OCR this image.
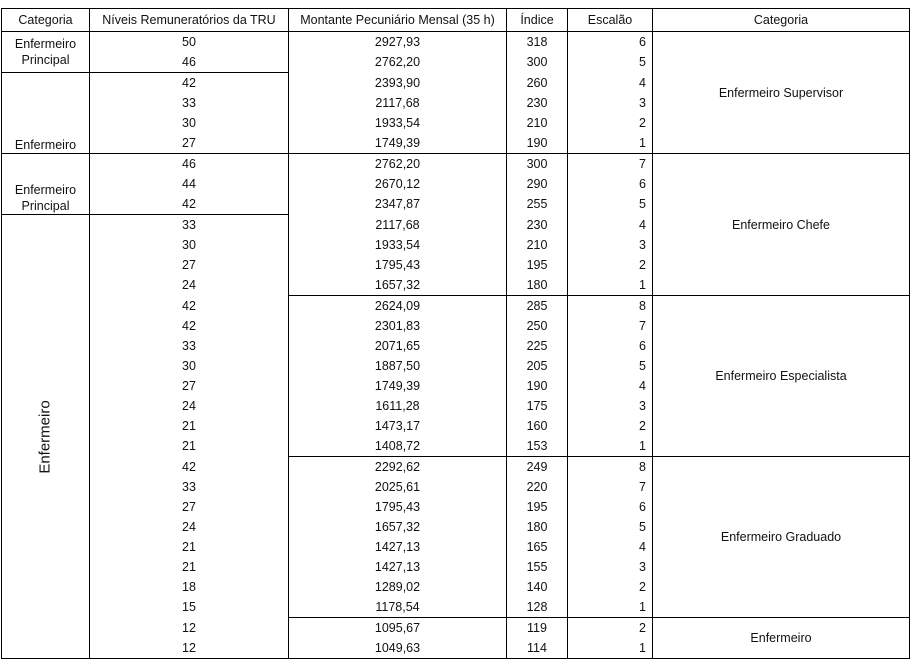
Categoria	Níveis Remuneratórios da TRU	Montante Pecuniário Mensal (35 h)	Índice	Escalão	Categoria
Enfermeiro
Principal	50	2927,93	318	6	Enfermeiro Supervisor
	46	2762,20	300	5	
Enfermeiro	42	2393,90	260	4	
	33	2117,68	230	3	
	30	1933,54	210	2	
	27	1749,39	190	1	
Enfermeiro
Principal	46	2762,20	300	7	Enfermeiro Chefe
	44	2670,12	290	6	
	42	2347,87	255	5	
Enfermeiro	33	2117,68	230	4	
	30	1933,54	210	3	
	27	1795,43	195	2	
	24	1657,32	180	1	
	42	2624,09	285	8	Enfermeiro Especialista
	42	2301,83	250	7	
	33	2071,65	225	6	
	30	1887,50	205	5	
	27	1749,39	190	4	
	24	1611,28	175	3	
	21	1473,17	160	2	
	21	1408,72	153	1	
	42	2292,62	249	8	Enfermeiro Graduado
	33	2025,61	220	7	
	27	1795,43	195	6	
	24	1657,32	180	5	
	21	1427,13	165	4	
	21	1427,13	155	3	
	18	1289,02	140	2	
	15	1178,54	128	1	
	12	1095,67	119	2	Enfermeiro
	12	1049,63	114	1	
